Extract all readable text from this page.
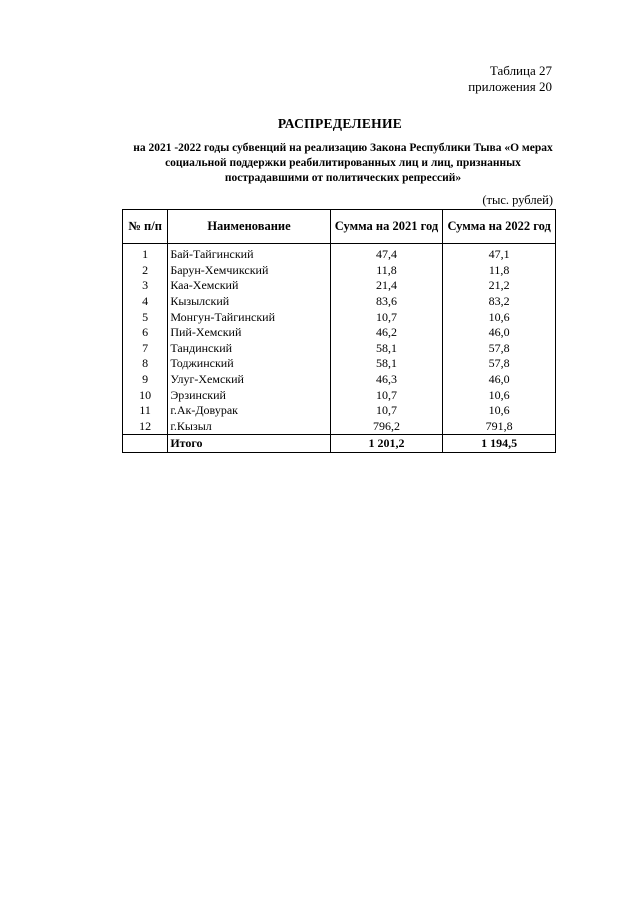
Таблица 27
приложения 20
РАСПРЕДЕЛЕНИЕ
на 2021 -2022 годы субвенций на реализацию Закона Республики Тыва «О мерах
социальной поддержки реабилитированных лиц и лиц, признанных
пострадавшими от политических репрессий»
(тыс. рублей)
№ п/п	Наименование	Сумма на 2021 год	Сумма на 2022 год
1	Бай-Тайгинский	47,4	47,1
2	Барун-Хемчикский	11,8	11,8
3	Каа-Хемский	21,4	21,2
4	Кызылский	83,6	83,2
5	Монгун-Тайгинский	10,7	10,6
6	Пий-Хемский	46,2	46,0
7	Тандинский	58,1	57,8
8	Тоджинский	58,1	57,8
9	Улуг-Хемский	46,3	46,0
10	Эрзинский	10,7	10,6
11	г.Ак-Довурак	10,7	10,6
12	г.Кызыл	796,2	791,8
	Итого	1 201,2	1 194,5
